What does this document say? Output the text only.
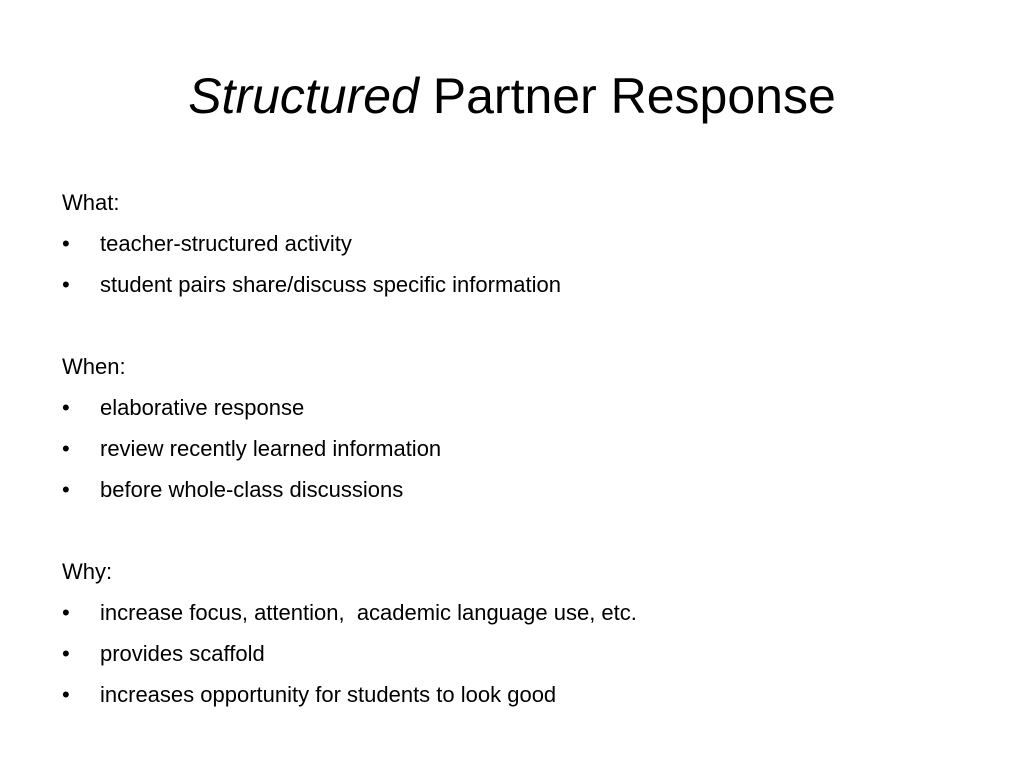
Structured Partner Response
What:
• teacher-structured activity
• student pairs share/discuss specific information
When:
• elaborative response
• review recently learned information
• before whole-class discussions
Why:
• increase focus, attention,  academic language use, etc.
• provides scaffold
• increases opportunity for students to look good
